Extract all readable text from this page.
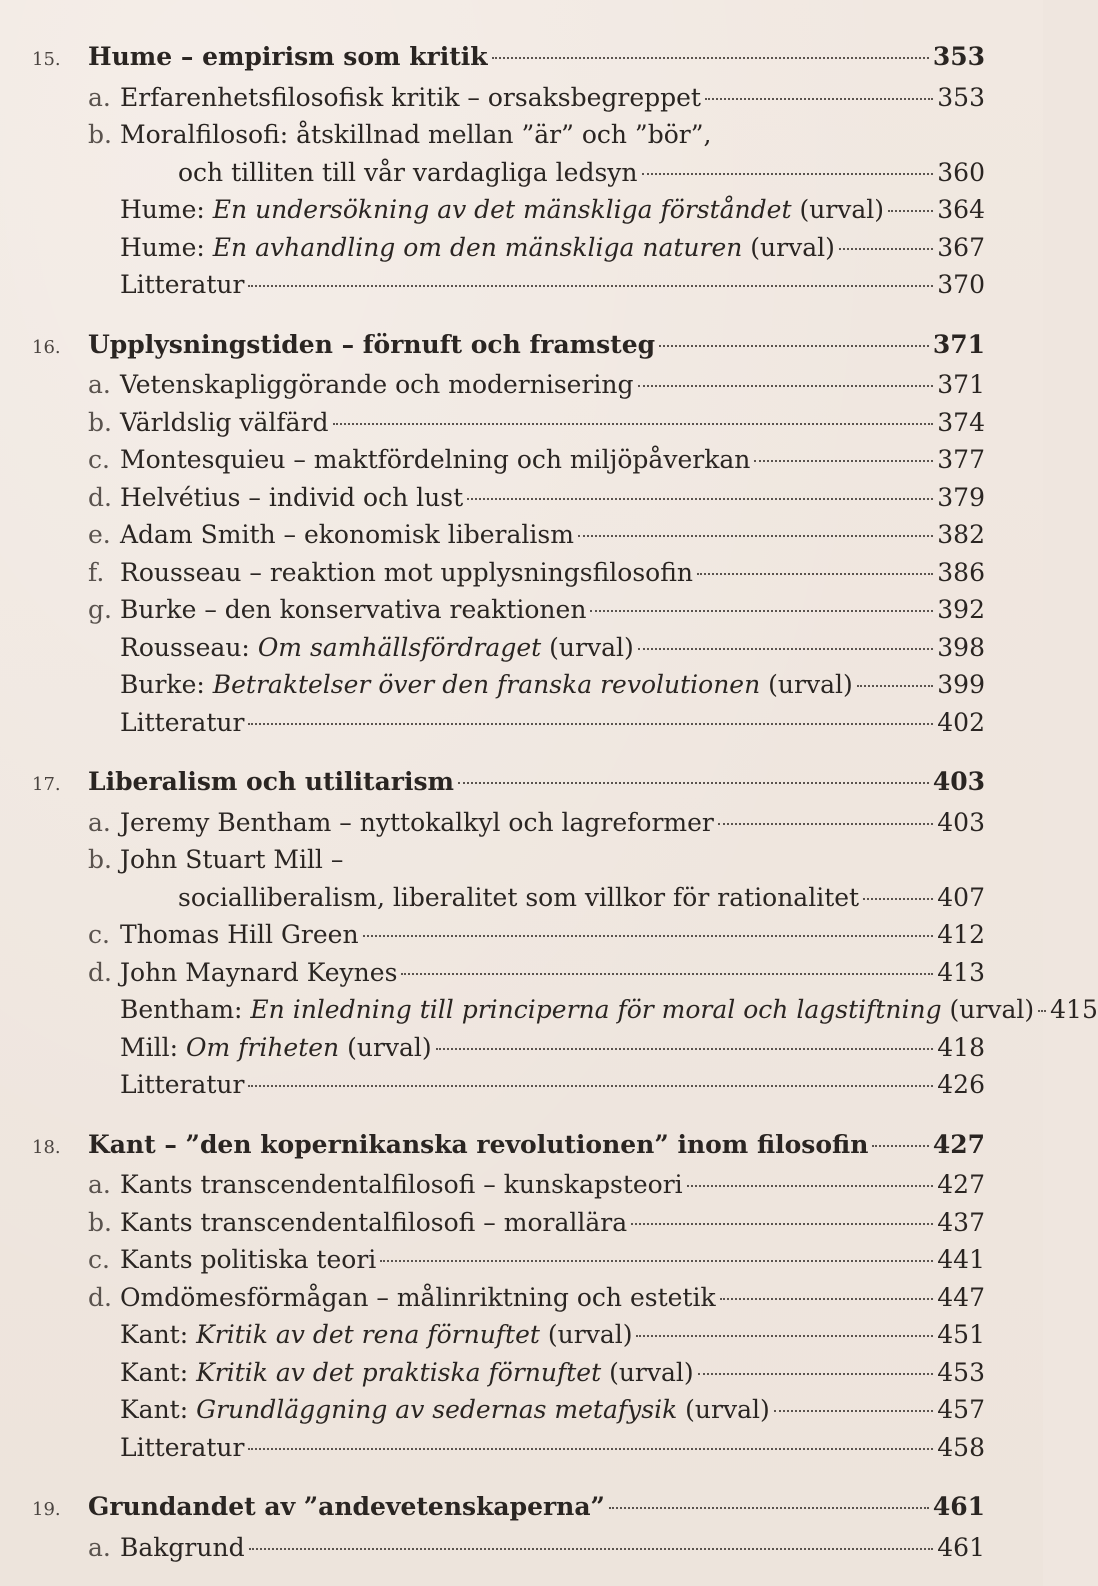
15.	Hume – empirism som kritik	353
a. Erfarenhetsfilosofisk kritik – orsaksbegreppet	353
b. Moralfilosofi: åtskillnad mellan ”är” och ”bör”,
och tilliten till vår vardagliga ledsyn	360
Hume: En undersökning av det mänskliga förståndet (urval) 364
Hume: En avhandling om den mänskliga naturen (urval)	367
Litteratur	370
16.	Upplysningstiden – förnuft och framsteg	371
a. Vetenskapliggörande och modernisering	371
b. Världslig välfärd	374
c. Montesquieu – maktfördelning och miljöpåverkan	377
d. Helvétius – individ och lust	379
e. Adam Smith – ekonomisk liberalism	382
f. Rousseau – reaktion mot upplysningsfilosofin	386
g. Burke – den konservativa reaktionen	392
Rousseau: Om samhällsfördraget (urval)	398
Burke: Betraktelser över den franska revolutionen (urval)	399
Litteratur	402
17.	Liberalism och utilitarism	403
a. Jeremy Bentham – nyttokalkyl och lagreformer	403
b. John Stuart Mill –
socialliberalism, liberalitet som villkor för rationalitet	407
c. Thomas Hill Green	412
d. John Maynard Keynes	413
Bentham: En inledning till principerna för moral och lagstiftning (urval) 415
Mill: Om friheten (urval)	418
Litteratur	426
18.	Kant – ”den kopernikanska revolutionen” inom filosofin	427
a. Kants transcendentalfilosofi – kunskapsteori	427
b. Kants transcendentalfilosofi – morallära	437
c. Kants politiska teori	441
d. Omdömesförmågan – målinriktning och estetik	447
Kant: Kritik av det rena förnuftet (urval)	451
Kant: Kritik av det praktiska förnuftet (urval)	453
Kant: Grundläggning av sedernas metafysik (urval)	457
Litteratur	458
19.	Grundandet av ”andevetenskaperna”	461
a. Bakgrund	461
